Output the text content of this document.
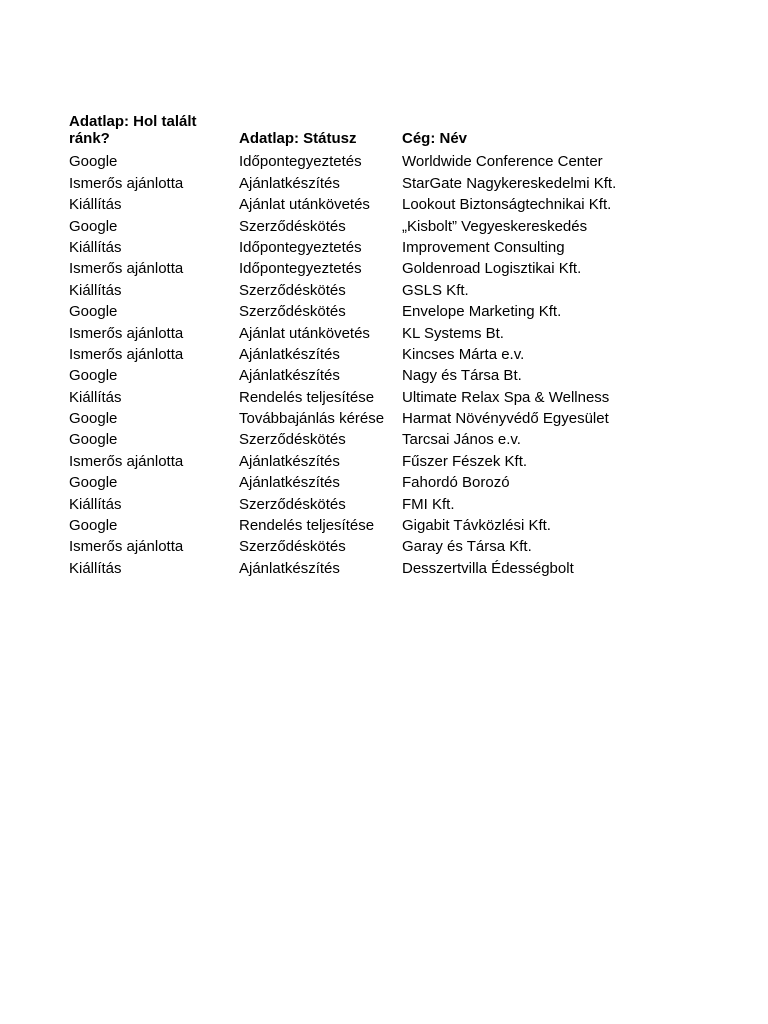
Adatlap: Hol talált ránk?	Adatlap: Státusz	Cég: Név
Google	Időpontegyeztetés	Worldwide Conference Center
Ismerős ajánlotta	Ajánlatkészítés	StarGate Nagykereskedelmi Kft.
Kiállítás	Ajánlat utánkövetés	Lookout Biztonságtechnikai Kft.
Google	Szerződéskötés	„Kisbolt” Vegyeskereskedés
Kiállítás	Időpontegyeztetés	Improvement Consulting
Ismerős ajánlotta	Időpontegyeztetés	Goldenroad Logisztikai Kft.
Kiállítás	Szerződéskötés	GSLS Kft.
Google	Szerződéskötés	Envelope Marketing Kft.
Ismerős ajánlotta	Ajánlat utánkövetés	KL Systems Bt.
Ismerős ajánlotta	Ajánlatkészítés	Kincses Márta e.v.
Google	Ajánlatkészítés	Nagy és Társa Bt.
Kiállítás	Rendelés teljesítése	Ultimate Relax Spa & Wellness
Google	Továbbajánlás kérése	Harmat Növényvédő Egyesület
Google	Szerződéskötés	Tarcsai János e.v.
Ismerős ajánlotta	Ajánlatkészítés	Fűszer Fészek Kft.
Google	Ajánlatkészítés	Fahordó Borozó
Kiállítás	Szerződéskötés	FMI Kft.
Google	Rendelés teljesítése	Gigabit Távközlési Kft.
Ismerős ajánlotta	Szerződéskötés	Garay és Társa Kft.
Kiállítás	Ajánlatkészítés	Desszertvilla Édességbolt
